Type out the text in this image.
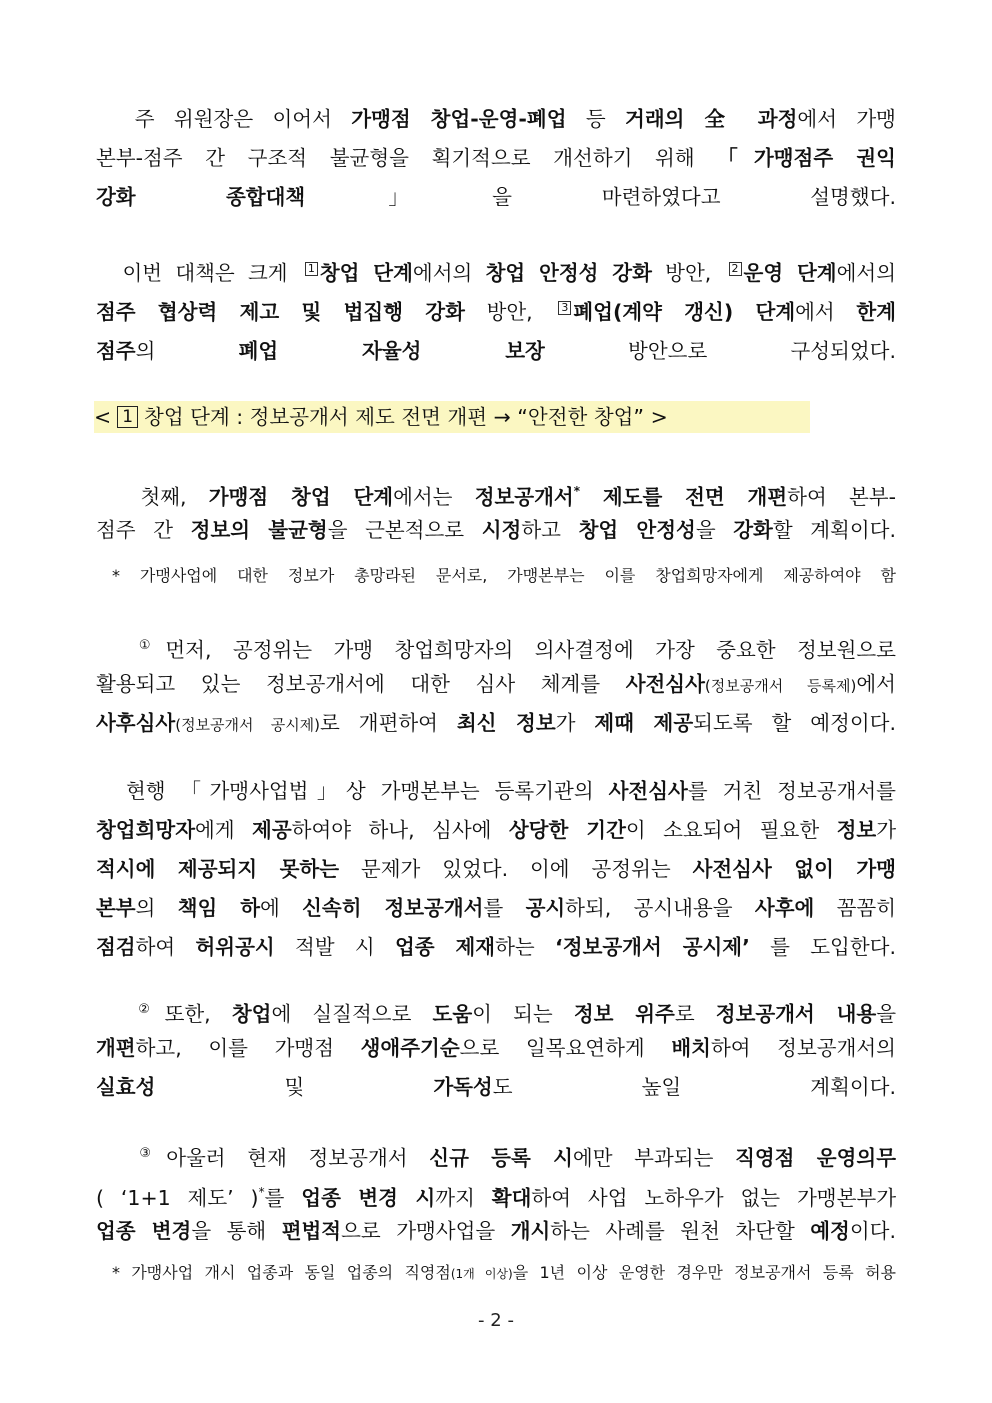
주 위원장은 이어서 가맹점 창업-운영-폐업 등 거래의 全 과정에서 가맹
본부-점주 간 구조적 불균형을 획기적으로 개선하기 위해 「가맹점주 권익
강화 종합대책」을 마련하였다고 설명했다.
이번 대책은 크게 1 창업 단계에서의 창업 안정성 강화 방안, 2 운영 단계에서의
점주 협상력 제고 및 법집행 강화 방안, 3 폐업(계약 갱신) 단계에서 한계
점주의 폐업 자율성 보장 방안으로 구성되었다.
< 1 창업 단계 : 정보공개서 제도 전면 개편 → “안전한 창업” >
첫째, 가맹점 창업 단계에서는 정보공개서* 제도를 전면 개편하여 본부-
점주 간 정보의 불균형을 근본적으로 시정하고 창업 안정성을 강화할 계획이다.
* 가맹사업에 대한 정보가 총망라된 문서로, 가맹본부는 이를 창업희망자에게 제공하여야 함
①먼저, 공정위는 가맹 창업희망자의 의사결정에 가장 중요한 정보원으로
활용되고 있는 정보공개서에 대한 심사 체계를 사전심사(정보공개서 등록제)에서
사후심사(정보공개서 공시제)로 개편하여 최신 정보가 제때 제공되도록 할 예정이다.
현행 「가맹사업법」상 가맹본부는 등록기관의 사전심사를 거친 정보공개서를
창업희망자에게 제공하여야 하나, 심사에 상당한 기간이 소요되어 필요한 정보가
적시에 제공되지 못하는 문제가 있었다. 이에 공정위는 사전심사 없이 가맹
본부의 책임 하에 신속히 정보공개서를 공시하되, 공시내용을 사후에 꼼꼼히
점검하여 허위공시 적발 시 업종 제재하는 ‘정보공개서 공시제’ 를 도입한다.
②또한, 창업에 실질적으로 도움이 되는 정보 위주로 정보공개서 내용을
개편하고, 이를 가맹점 생애주기순으로 일목요연하게 배치하여 정보공개서의
실효성 및 가독성도 높일 계획이다.
③아울러 현재 정보공개서 신규 등록 시에만 부과되는 직영점 운영의무
( ‘1+1 제도’ )*를 업종 변경 시까지 확대하여 사업 노하우가 없는 가맹본부가
업종 변경을 통해 편법적으로 가맹사업을 개시하는 사례를 원천 차단할 예정이다.
* 가맹사업 개시 업종과 동일 업종의 직영점(1개 이상)을 1년 이상 운영한 경우만 정보공개서 등록 허용
- 2 -
